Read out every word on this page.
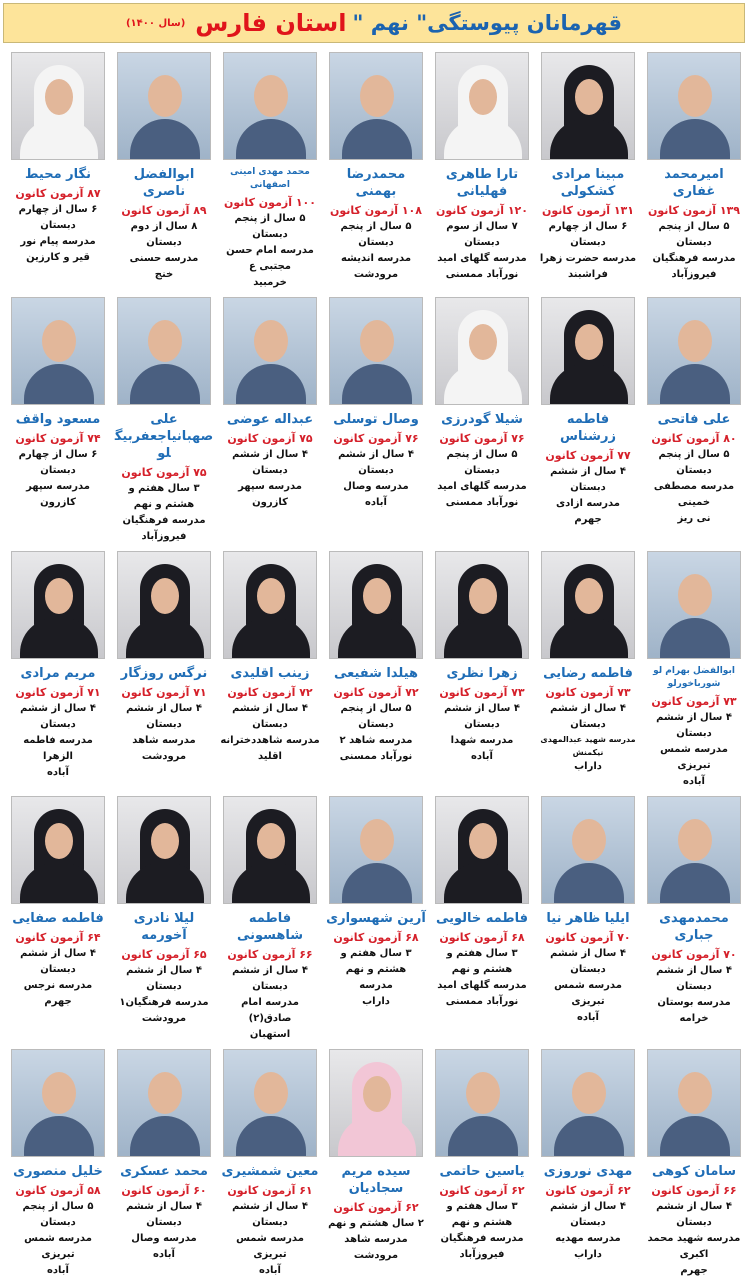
قهرمانان پیوستگی" نهم "
استان فارس
(سال ۱۴۰۰)
امیرمحمد غفاری
۱۳۹ آزمون کانون
۵ سال از پنجم دبستان
مدرسه فرهنگیان
فیروزآباد
مبینا مرادی کشکولی
۱۳۱ آزمون کانون
۶ سال از چهارم دبستان
مدرسه حضرت زهرا
فراشبند
تارا طاهری فهلیانی
۱۲۰ آزمون کانون
۷ سال از سوم دبستان
مدرسه گلهای امید
نورآباد ممسنی
محمدرضا بهمنی
۱۰۸ آزمون کانون
۵ سال از پنجم دبستان
مدرسه اندیشه
مرودشت
محمد مهدی امینی اصفهانی
۱۰۰ آزمون کانون
۵ سال از پنجم دبستان
مدرسه امام حسن مجتبی ع
خرمبید
ابوالفضل ناصری
۸۹ آزمون کانون
۸ سال از دوم دبستان
مدرسه حسنی
خنج
نگار محیط
۸۷ آزمون کانون
۶ سال از چهارم دبستان
مدرسه پیام نور
قیر و کارزین
علی فاتحی
۸۰ آزمون کانون
۵ سال از پنجم دبستان
مدرسه مصطفی خمینی
نی ریز
فاطمه زرشناس
۷۷ آزمون کانون
۴ سال از ششم دبستان
مدرسه ازادی
جهرم
شیلا گودرزی
۷۶ آزمون کانون
۵ سال از پنجم دبستان
مدرسه گلهای امید
نورآباد ممسنی
وصال توسلی
۷۶ آزمون کانون
۴ سال از ششم دبستان
مدرسه وصال
آباده
عبداله عوضی
۷۵ آزمون کانون
۴ سال از ششم دبستان
مدرسه سپهر
کازرون
علی صهبانیاجعفربیگلو
۷۵ آزمون کانون
۳ سال هفتم و هشتم و نهم
مدرسه فرهنگیان
فیروزآباد
مسعود واقف
۷۴ آزمون کانون
۶ سال از چهارم دبستان
مدرسه سپهر
کازرون
ابوالفضل بهرام لو شورباخورلو
۷۳ آزمون کانون
۴ سال از ششم دبستان
مدرسه شمس تبریزی
آباده
فاطمه رضایی
۷۳ آزمون کانون
۴ سال از ششم دبستان
مدرسه شهید عبدالمهدی نیکمنش
داراب
زهرا نظری
۷۳ آزمون کانون
۴ سال از ششم دبستان
مدرسه شهدا
آباده
هیلدا شفیعی
۷۲ آزمون کانون
۵ سال از پنجم دبستان
مدرسه شاهد ۲
نورآباد ممسنی
زینب اقلیدی
۷۲ آزمون کانون
۴ سال از ششم دبستان
مدرسه شاهددخترانه
اقلید
نرگس روزگار
۷۱ آزمون کانون
۴ سال از ششم دبستان
مدرسه شاهد
مرودشت
مریم مرادی
۷۱ آزمون کانون
۴ سال از ششم دبستان
مدرسه فاطمه الزهرا
آباده
محمدمهدی جباری
۷۰ آزمون کانون
۴ سال از ششم دبستان
مدرسه بوستان
خرامه
ایلیا ظاهر نیا
۷۰ آزمون کانون
۴ سال از ششم دبستان
مدرسه شمس تبریزی
آباده
فاطمه خالویی
۶۸ آزمون کانون
۳ سال هفتم و هشتم و نهم
مدرسه گلهای امید
نورآباد ممسنی
آرین شهسواری
۶۸ آزمون کانون
۳ سال هفتم و هشتم و نهم
مدرسه
داراب
فاطمه شاهسونی
۶۶ آزمون کانون
۴ سال از ششم دبستان
مدرسه امام صادق(۲)
استهبان
لیلا نادری آخورمه
۶۵ آزمون کانون
۴ سال از ششم دبستان
مدرسه فرهنگیان۱
مرودشت
فاطمه صفایی
۶۴ آزمون کانون
۴ سال از ششم دبستان
مدرسه نرجس
جهرم
سامان کوهی
۶۶ آزمون کانون
۴ سال از ششم دبستان
مدرسه شهید محمد اکبری
جهرم
مهدی نوروزی
۶۲ آزمون کانون
۴ سال از ششم دبستان
مدرسه مهدیه
داراب
یاسین حاتمی
۶۲ آزمون کانون
۳ سال هفتم و هشتم و نهم
مدرسه فرهنگیان
فیروزآباد
سیده مریم سجادیان
۶۲ آزمون کانون
۲ سال هشتم و نهم
مدرسه شاهد
مرودشت
معین شمشیری
۶۱ آزمون کانون
۴ سال از ششم دبستان
مدرسه شمس تبریزی
آباده
محمد عسکری
۶۰ آزمون کانون
۴ سال از ششم دبستان
مدرسه وصال
آباده
خلیل منصوری
۵۸ آزمون کانون
۵ سال از پنجم دبستان
مدرسه شمس تبریزی
آباده
